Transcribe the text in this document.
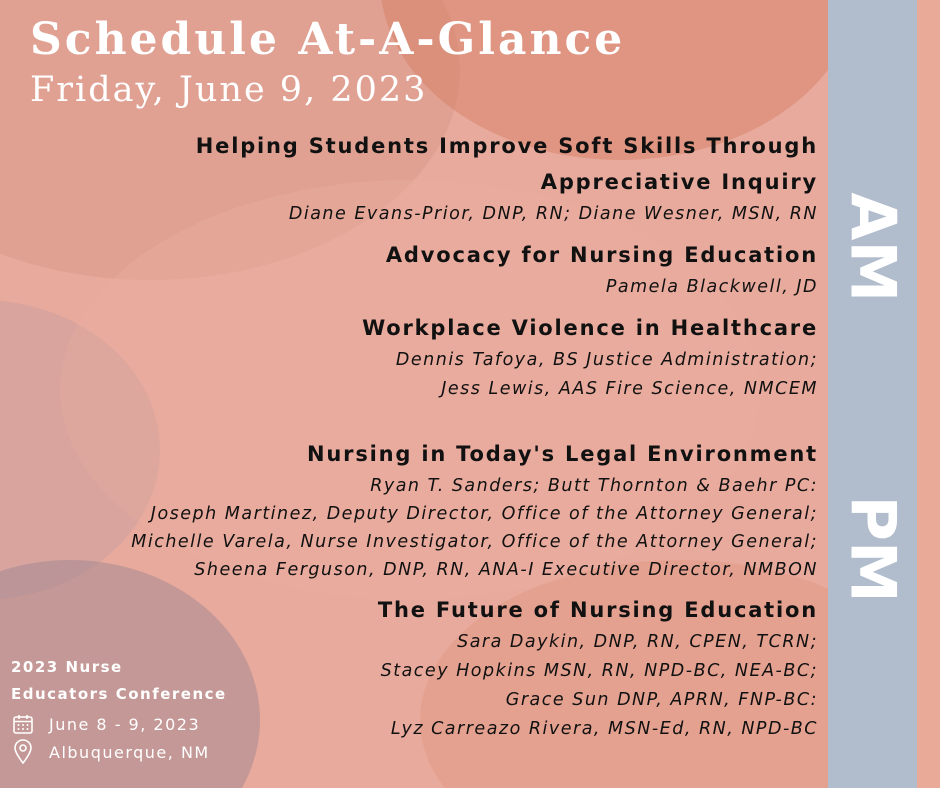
AM
PM
Schedule At-A-Glance
Friday, June 9, 2023
Helping Students Improve Soft Skills Through
Appreciative Inquiry
Diane Evans-Prior, DNP, RN; Diane Wesner, MSN, RN
Advocacy for Nursing Education
Pamela Blackwell, JD
Workplace Violence in Healthcare
Dennis Tafoya, BS Justice Administration;
Jess Lewis, AAS Fire Science, NMCEM
Nursing in Today's Legal Environment
Ryan T. Sanders; Butt Thornton & Baehr PC:
Joseph Martinez, Deputy Director, Office of the Attorney General;
Michelle Varela, Nurse Investigator, Office of the Attorney General;
Sheena Ferguson, DNP, RN, ANA-I Executive Director, NMBON
The Future of Nursing Education
Sara Daykin, DNP, RN, CPEN, TCRN;
Stacey Hopkins MSN, RN, NPD-BC, NEA-BC;
Grace Sun DNP, APRN, FNP-BC:
Lyz Carreazo Rivera, MSN-Ed, RN, NPD-BC
2023 Nurse
Educators Conference
June 8 - 9, 2023
Albuquerque, NM
